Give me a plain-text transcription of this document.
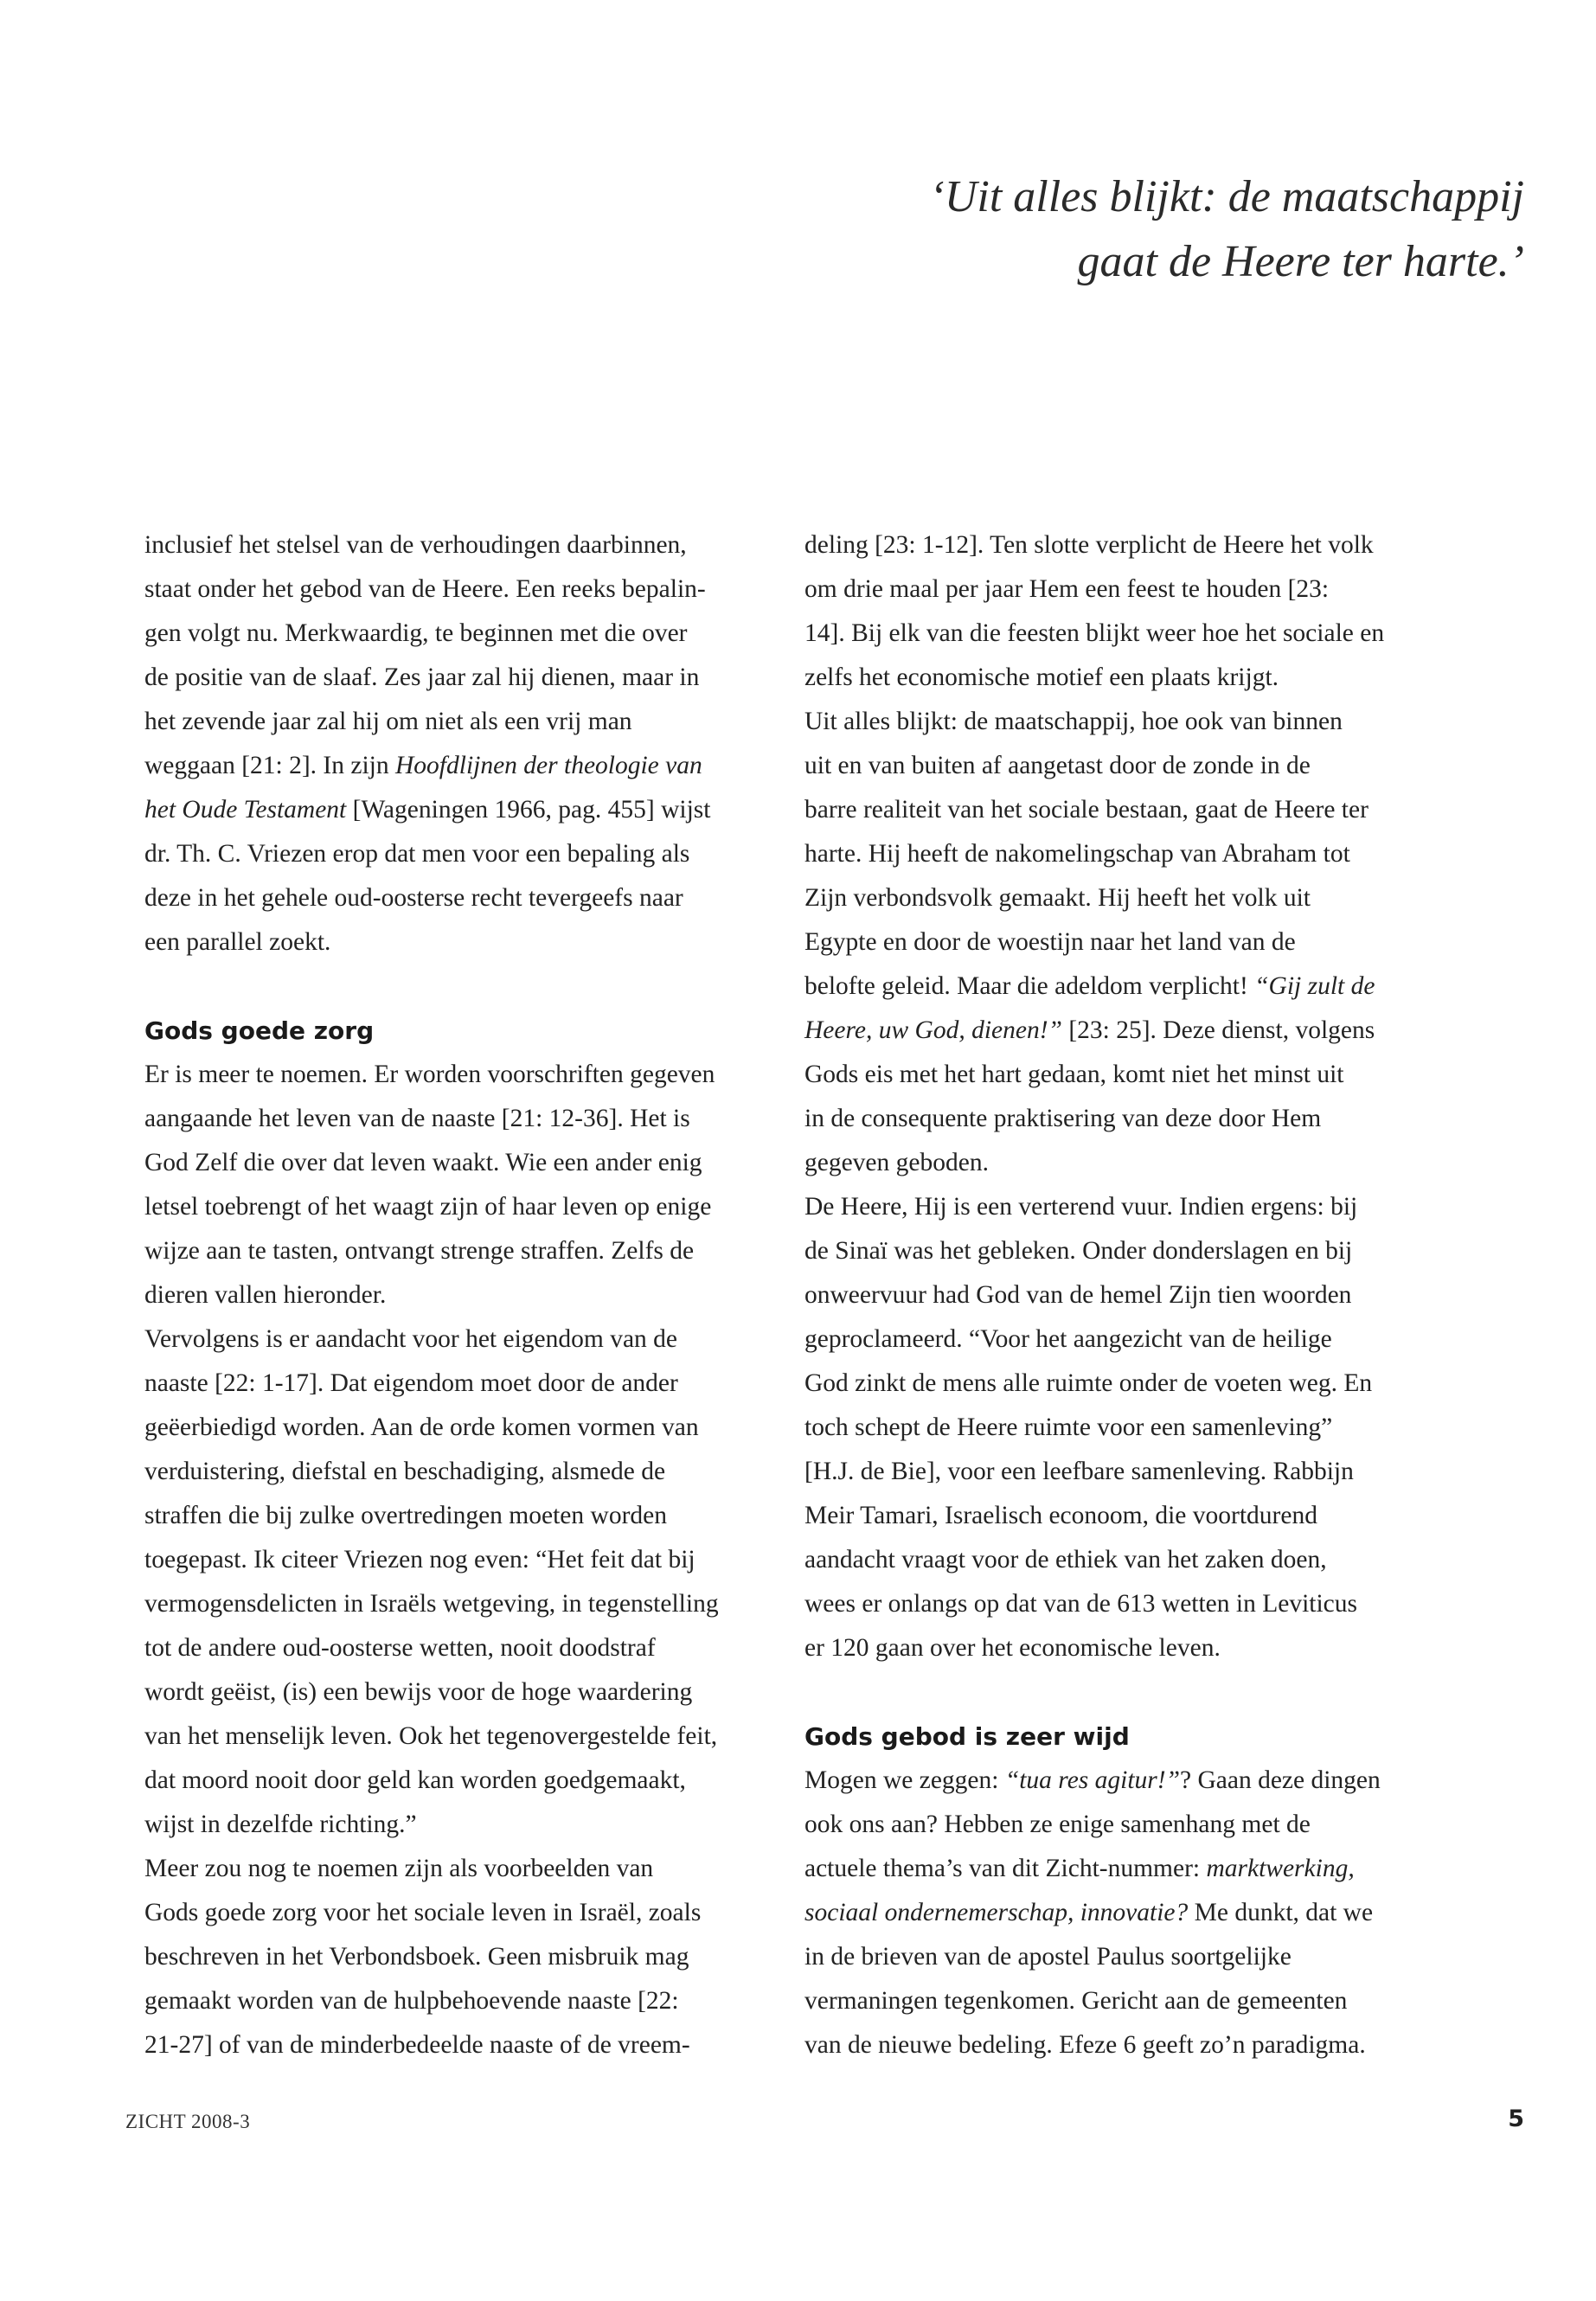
‘Uit alles blijkt: de maatschappij
gaat de Heere ter harte.’
inclusief het stelsel van de verhoudingen daarbinnen,
staat onder het gebod van de Heere. Een reeks bepalin-
gen volgt nu. Merkwaardig, te beginnen met die over
de positie van de slaaf. Zes jaar zal hij dienen, maar in
het zevende jaar zal hij om niet als een vrij man
weggaan [21: 2]. In zijn Hoofdlijnen der theologie van
het Oude Testament [Wageningen 1966, pag. 455] wijst
dr. Th. C. Vriezen erop dat men voor een bepaling als
deze in het gehele oud-oosterse recht tevergeefs naar
een parallel zoekt.
Gods goede zorg
Er is meer te noemen. Er worden voorschriften gegeven
aangaande het leven van de naaste [21: 12-36]. Het is
God Zelf die over dat leven waakt. Wie een ander enig
letsel toebrengt of het waagt zijn of haar leven op enige
wijze aan te tasten, ontvangt strenge straffen. Zelfs de
dieren vallen hieronder.
Vervolgens is er aandacht voor het eigendom van de
naaste [22: 1-17]. Dat eigendom moet door de ander
geëerbiedigd worden. Aan de orde komen vormen van
verduistering, diefstal en beschadiging, alsmede de
straffen die bij zulke overtredingen moeten worden
toegepast. Ik citeer Vriezen nog even: “Het feit dat bij
vermogensdelicten in Israëls wetgeving, in tegenstelling
tot de andere oud-oosterse wetten, nooit doodstraf
wordt geëist, (is) een bewijs voor de hoge waardering
van het menselijk leven. Ook het tegenovergestelde feit,
dat moord nooit door geld kan worden goedgemaakt,
wijst in dezelfde richting.”
Meer zou nog te noemen zijn als voorbeelden van
Gods goede zorg voor het sociale leven in Israël, zoals
beschreven in het Verbondsboek. Geen misbruik mag
gemaakt worden van de hulpbehoevende naaste [22:
21-27] of van de minderbedeelde naaste of de vreem-
deling [23: 1-12]. Ten slotte verplicht de Heere het volk
om drie maal per jaar Hem een feest te houden [23:
14]. Bij elk van die feesten blijkt weer hoe het sociale en
zelfs het economische motief een plaats krijgt.
Uit alles blijkt: de maatschappij, hoe ook van binnen
uit en van buiten af aangetast door de zonde in de
barre realiteit van het sociale bestaan, gaat de Heere ter
harte. Hij heeft de nakomelingschap van Abraham tot
Zijn verbondsvolk gemaakt. Hij heeft het volk uit
Egypte en door de woestijn naar het land van de
belofte geleid. Maar die adeldom verplicht! “Gij zult de
Heere, uw God, dienen!” [23: 25]. Deze dienst, volgens
Gods eis met het hart gedaan, komt niet het minst uit
in de consequente praktisering van deze door Hem
gegeven geboden.
De Heere, Hij is een verterend vuur. Indien ergens: bij
de Sinaï was het gebleken. Onder donderslagen en bij
onweervuur had God van de hemel Zijn tien woorden
geproclameerd. “Voor het aangezicht van de heilige
God zinkt de mens alle ruimte onder de voeten weg. En
toch schept de Heere ruimte voor een samenleving”
[H.J. de Bie], voor een leefbare samenleving. Rabbijn
Meir Tamari, Israelisch econoom, die voortdurend
aandacht vraagt voor de ethiek van het zaken doen,
wees er onlangs op dat van de 613 wetten in Leviticus
er 120 gaan over het economische leven.
Gods gebod is zeer wijd
Mogen we zeggen: “tua res agitur!”? Gaan deze dingen
ook ons aan? Hebben ze enige samenhang met de
actuele thema’s van dit Zicht-nummer: marktwerking,
sociaal ondernemerschap, innovatie? Me dunkt, dat we
in de brieven van de apostel Paulus soortgelijke
vermaningen tegenkomen. Gericht aan de gemeenten
van de nieuwe bedeling. Efeze 6 geeft zo’n paradigma.
ZICHT 2008-3	5
